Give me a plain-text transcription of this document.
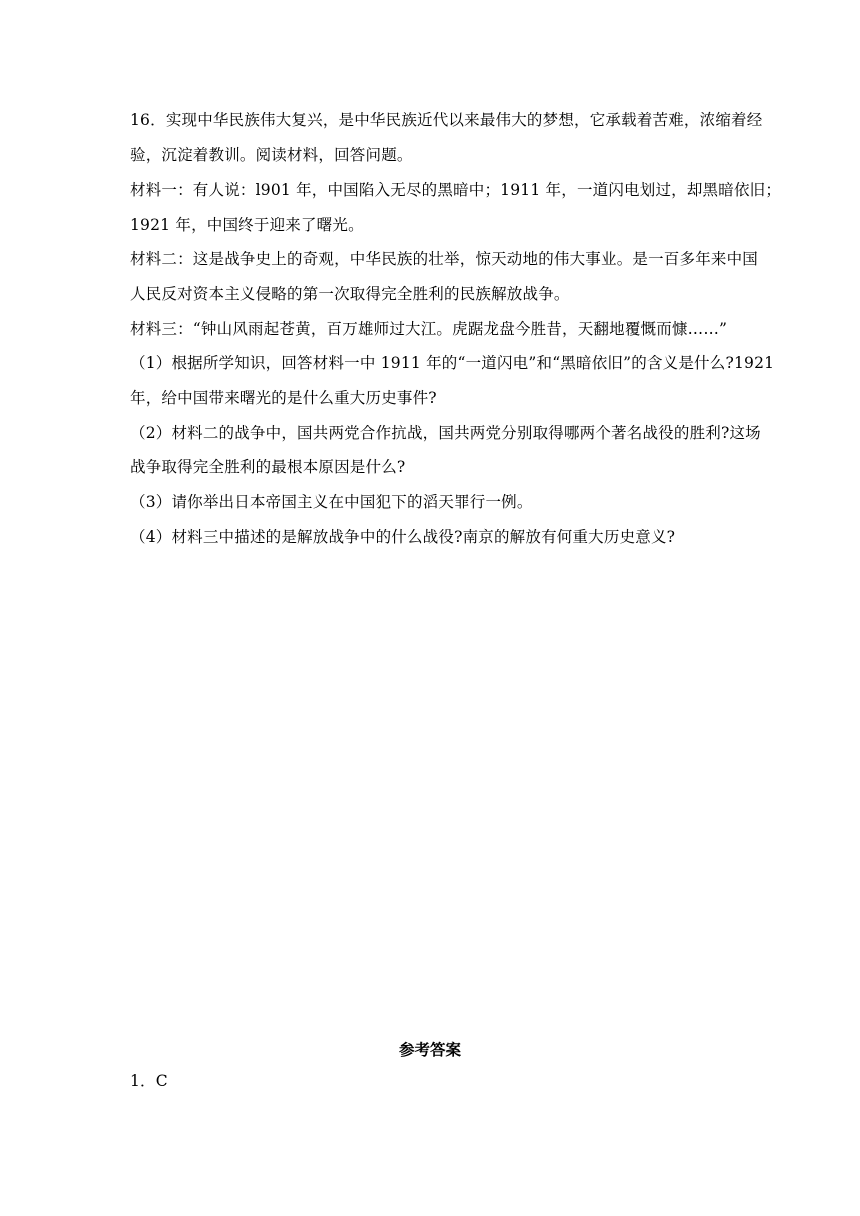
16．实现中华民族伟大复兴，是中华民族近代以来最伟大的梦想，它承载着苦难，浓缩着经
验，沉淀着教训。阅读材料，回答问题。
材料一：有人说：l901 年，中国陷入无尽的黑暗中；1911 年，一道闪电划过，却黑暗依旧；
1921 年，中国终于迎来了曙光。
材料二：这是战争史上的奇观，中华民族的壮举，惊天动地的伟大事业。是一百多年来中国
人民反对资本主义侵略的第一次取得完全胜利的民族解放战争。
材料三：“钟山风雨起苍黄，百万雄师过大江。虎踞龙盘今胜昔，天翻地覆慨而慷……”
（1）根据所学知识，回答材料一中 1911 年的“一道闪电”和“黑暗依旧”的含义是什么?1921
年，给中国带来曙光的是什么重大历史事件?
（2）材料二的战争中，国共两党合作抗战，国共两党分别取得哪两个著名战役的胜利?这场
战争取得完全胜利的最根本原因是什么?
（3）请你举出日本帝国主义在中国犯下的滔天罪行一例。
（4）材料三中描述的是解放战争中的什么战役?南京的解放有何重大历史意义?
参考答案
1．C
